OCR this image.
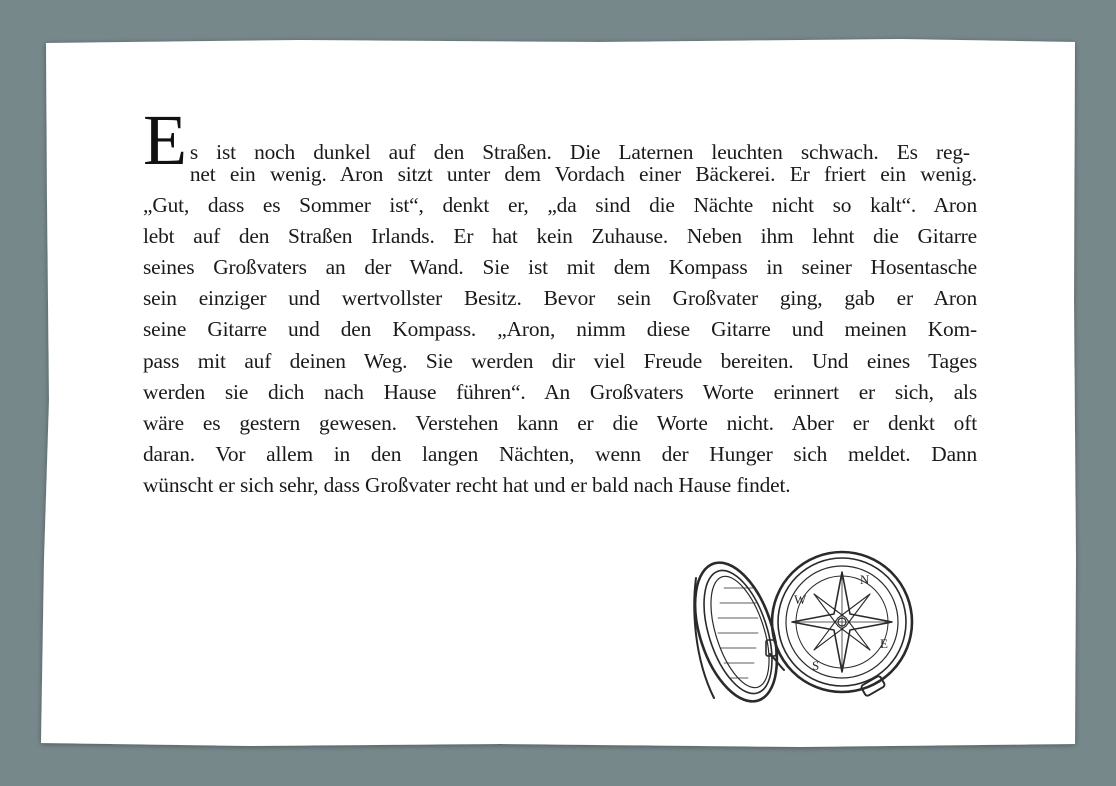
E s ist noch dunkel auf den Straßen. Die Laternen leuchten schwach. Es reg-
net ein wenig. Aron sitzt unter dem Vordach einer Bäckerei. Er friert ein wenig.
„Gut, dass es Sommer ist“, denkt er, „da sind die Nächte nicht so kalt“. Aron
lebt auf den Straßen Irlands. Er hat kein Zuhause. Neben ihm lehnt die Gitarre
seines Großvaters an der Wand. Sie ist mit dem Kompass in seiner Hosentasche
sein einziger und wertvollster Besitz. Bevor sein Großvater ging, gab er Aron
seine Gitarre und den Kompass. „Aron, nimm diese Gitarre und meinen Kom-
pass mit auf deinen Weg. Sie werden dir viel Freude bereiten. Und eines Tages
werden sie dich nach Hause führen“. An Großvaters Worte erinnert er sich, als
wäre es gestern gewesen. Verstehen kann er die Worte nicht. Aber er denkt oft
daran. Vor allem in den langen Nächten, wenn der Hunger sich meldet. Dann
wünscht er sich sehr, dass Großvater recht hat und er bald nach Hause findet.
N
E
S
W
